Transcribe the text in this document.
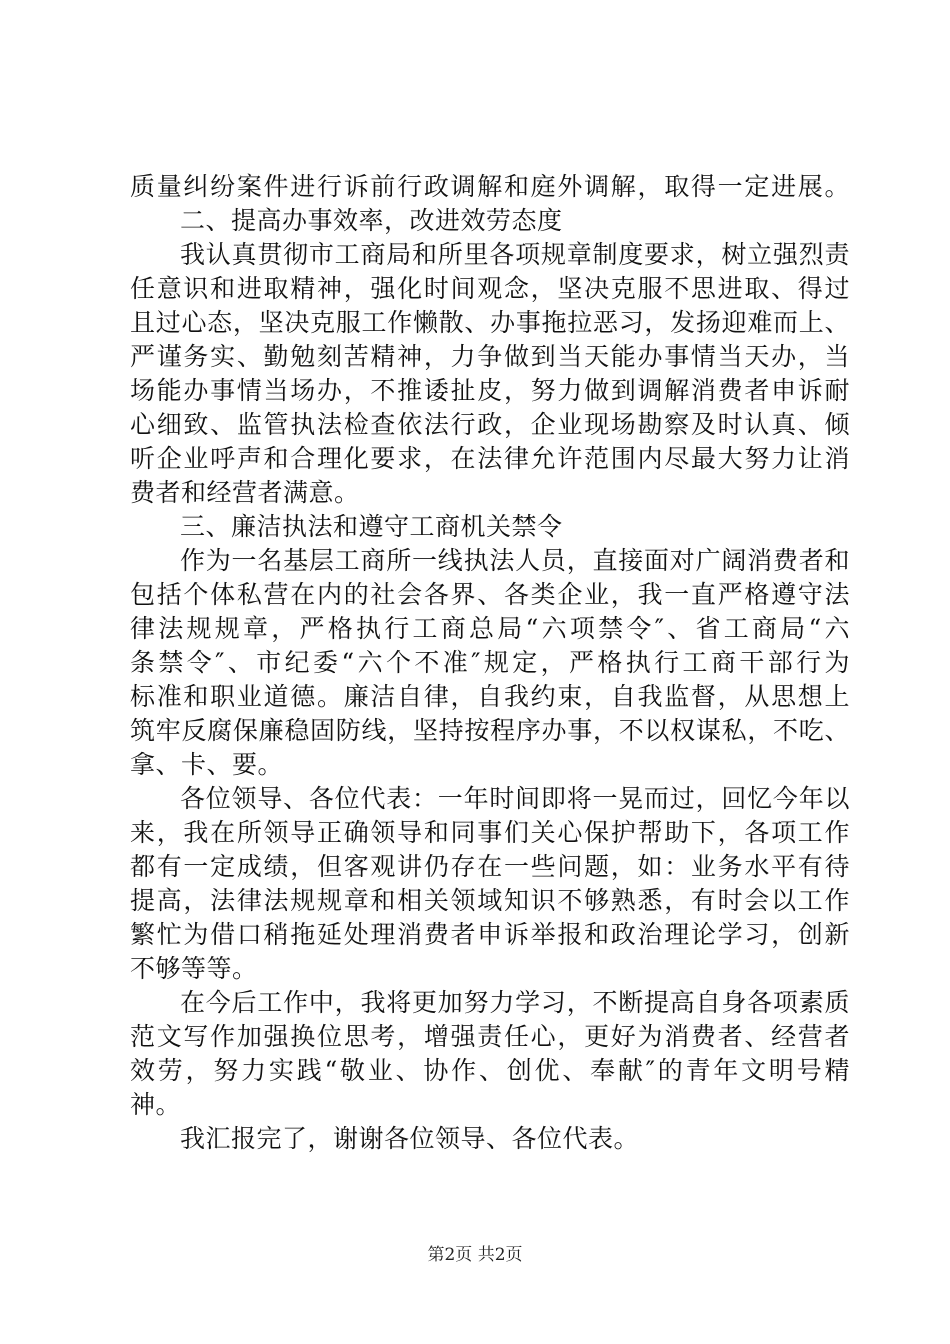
质量纠纷案件进行诉前行政调解和庭外调解，取得一定进展。
二、提高办事效率，改进效劳态度
我认真贯彻市工商局和所里各项规章制度要求，树立强烈责
任意识和进取精神，强化时间观念，坚决克服不思进取、得过
且过心态，坚决克服工作懒散、办事拖拉恶习，发扬迎难而上、
严谨务实、勤勉刻苦精神，力争做到当天能办事情当天办，当
场能办事情当场办，不推诿扯皮，努力做到调解消费者申诉耐
心细致、监管执法检查依法行政，企业现场勘察及时认真、倾
听企业呼声和合理化要求，在法律允许范围内尽最大努力让消
费者和经营者满意。
三、廉洁执法和遵守工商机关禁令
作为一名基层工商所一线执法人员，直接面对广阔消费者和
包括个体私营在内的社会各界、各类企业，我一直严格遵守法
律法规规章，严格执行工商总局“六项禁令″、省工商局“六
条禁令″、市纪委“六个不准″规定，严格执行工商干部行为
标准和职业道德。廉洁自律，自我约束，自我监督，从思想上
筑牢反腐保廉稳固防线，坚持按程序办事，不以权谋私，不吃、
拿、卡、要。
各位领导、各位代表：一年时间即将一晃而过，回忆今年以
来，我在所领导正确领导和同事们关心保护帮助下，各项工作
都有一定成绩，但客观讲仍存在一些问题，如：业务水平有待
提高，法律法规规章和相关领域知识不够熟悉，有时会以工作
繁忙为借口稍拖延处理消费者申诉举报和政治理论学习，创新
不够等等。
在今后工作中，我将更加努力学习，不断提高自身各项素质
范文写作加强换位思考，增强责任心，更好为消费者、经营者
效劳，努力实践“敬业、协作、创优、奉献″的青年文明号精
神。
我汇报完了，谢谢各位领导、各位代表。
第2页 共2页
